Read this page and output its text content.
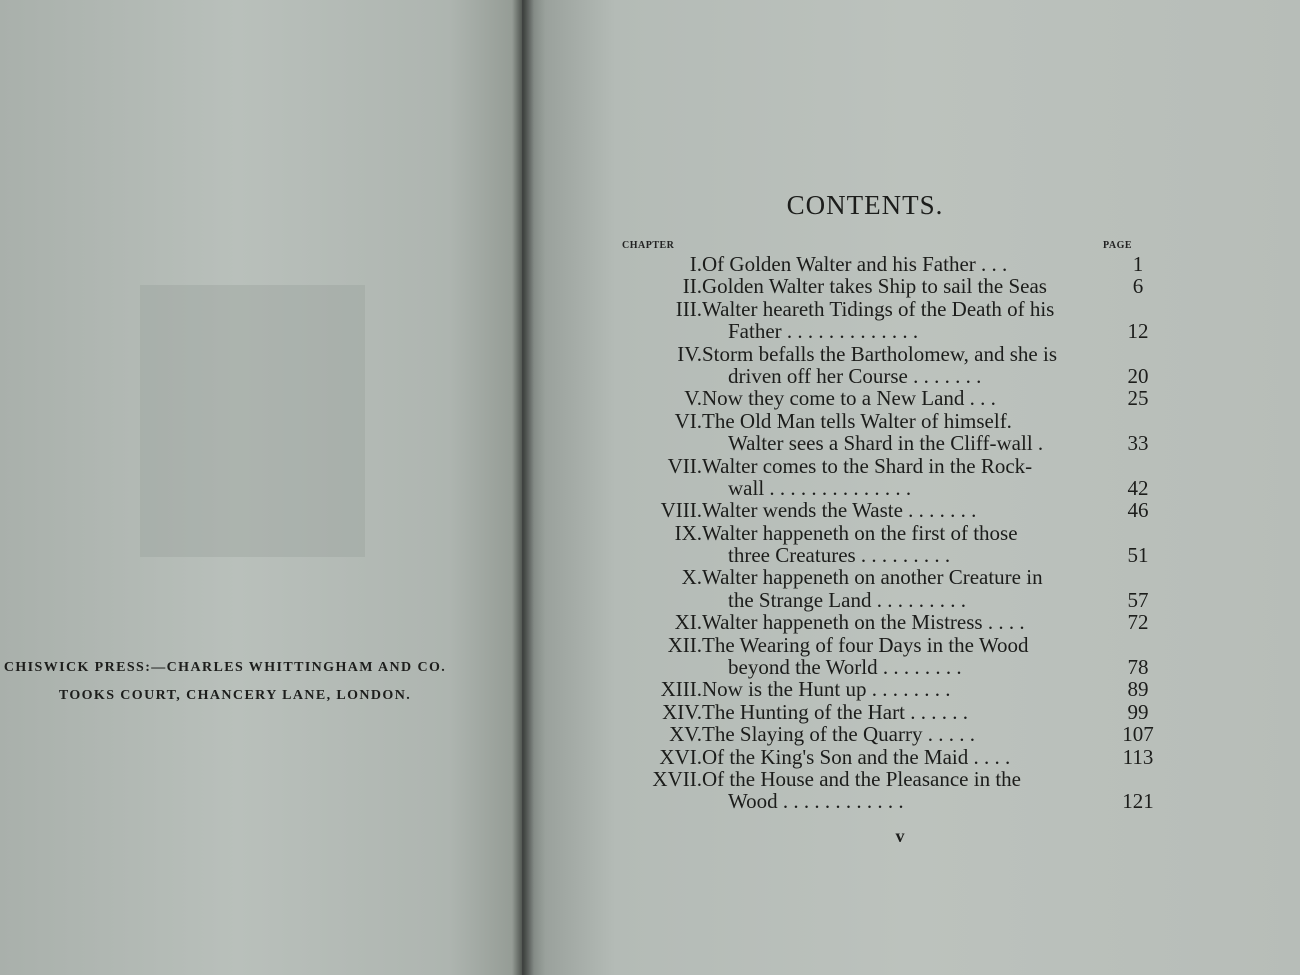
CHISWICK PRESS:—CHARLES WHITTINGHAM AND CO.
TOOKS COURT, CHANCERY LANE, LONDON.
CONTENTS.
CHAPTER	PAGE
I. Of Golden Walter and his Father . . .	1
II. Golden Walter takes Ship to sail the Seas	6
III. Walter heareth Tidings of the Death of his
Father . . . . . . . . . . . . .	12
IV. Storm befalls the Bartholomew, and she is
driven off her Course . . . . . . .	20
V. Now they come to a New Land . . .	25
VI. The Old Man tells Walter of himself.
Walter sees a Shard in the Cliff-wall .	33
VII. Walter comes to the Shard in the Rock-
wall . . . . . . . . . . . . . .	42
VIII. Walter wends the Waste . . . . . . .	46
IX. Walter happeneth on the first of those
three Creatures . . . . . . . . .	51
X. Walter happeneth on another Creature in
the Strange Land . . . . . . . . .	57
XI. Walter happeneth on the Mistress . . . .	72
XII. The Wearing of four Days in the Wood
beyond the World . . . . . . . .	78
XIII. Now is the Hunt up . . . . . . . .	89
XIV. The Hunting of the Hart . . . . . .	99
XV. The Slaying of the Quarry . . . . .	107
XVI. Of the King's Son and the Maid . . . .	113
XVII. Of the House and the Pleasance in the
Wood . . . . . . . . . . . .	121
v
